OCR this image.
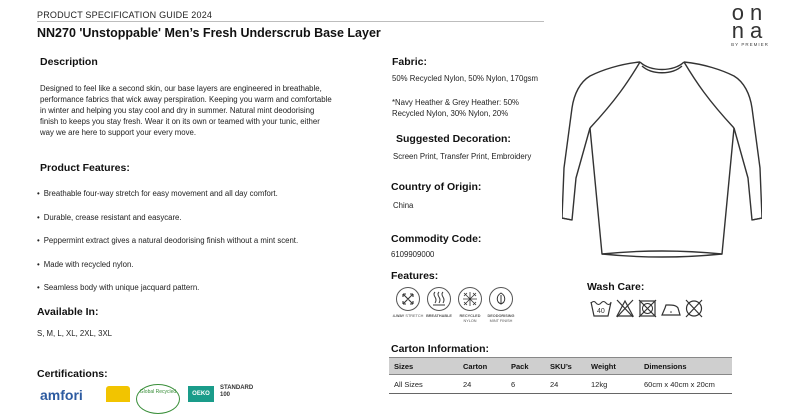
PRODUCT SPECIFICATION GUIDE 2024
NN270 'Unstoppable' Men’s Fresh Underscrub Base Layer
on
na
BY PREMIER
Description
Designed to feel like a second skin, our base layers are engineered in breathable,
performance fabrics that wick away perspiration. Keeping you warm and comfortable
in winter and helping you stay cool and dry in summer. Natural mint deodorising
finish to keeps you stay fresh. Wear it on its own or teamed with your tunic, either
way we are here to support your every move.
Product Features:
• Breathable four-way stretch for easy movement and all day comfort.
• Durable, crease resistant and easycare.
• Peppermint extract gives a natural deodorising finish without a mint scent.
• Made with recycled nylon.
• Seamless body with unique jacquard pattern.
Available In:
S, M, L, XL, 2XL, 3XL
Certifications:
amfori	Global Recycled	OEKO
STANDARD
100
Fabric:
50% Recycled Nylon, 50% Nylon, 170gsm
*Navy Heather & Grey Heather: 50%
Recycled Nylon, 30% Nylon, 20%
Suggested Decoration:
Screen Print, Transfer Print, Embroidery
Country of Origin:
China
Commodity Code:
6109909000
Features:
4-WAY STRETCH BREATHABLE	RECYCLED
NYLON
DEODORISING
MINT FINISH
Wash Care:
40
Carton Information:
Sizes	Carton	Pack	SKU’s	Weight	Dimensions
All Sizes	24	6	24	12kg	60cm x 40cm x 20cm
